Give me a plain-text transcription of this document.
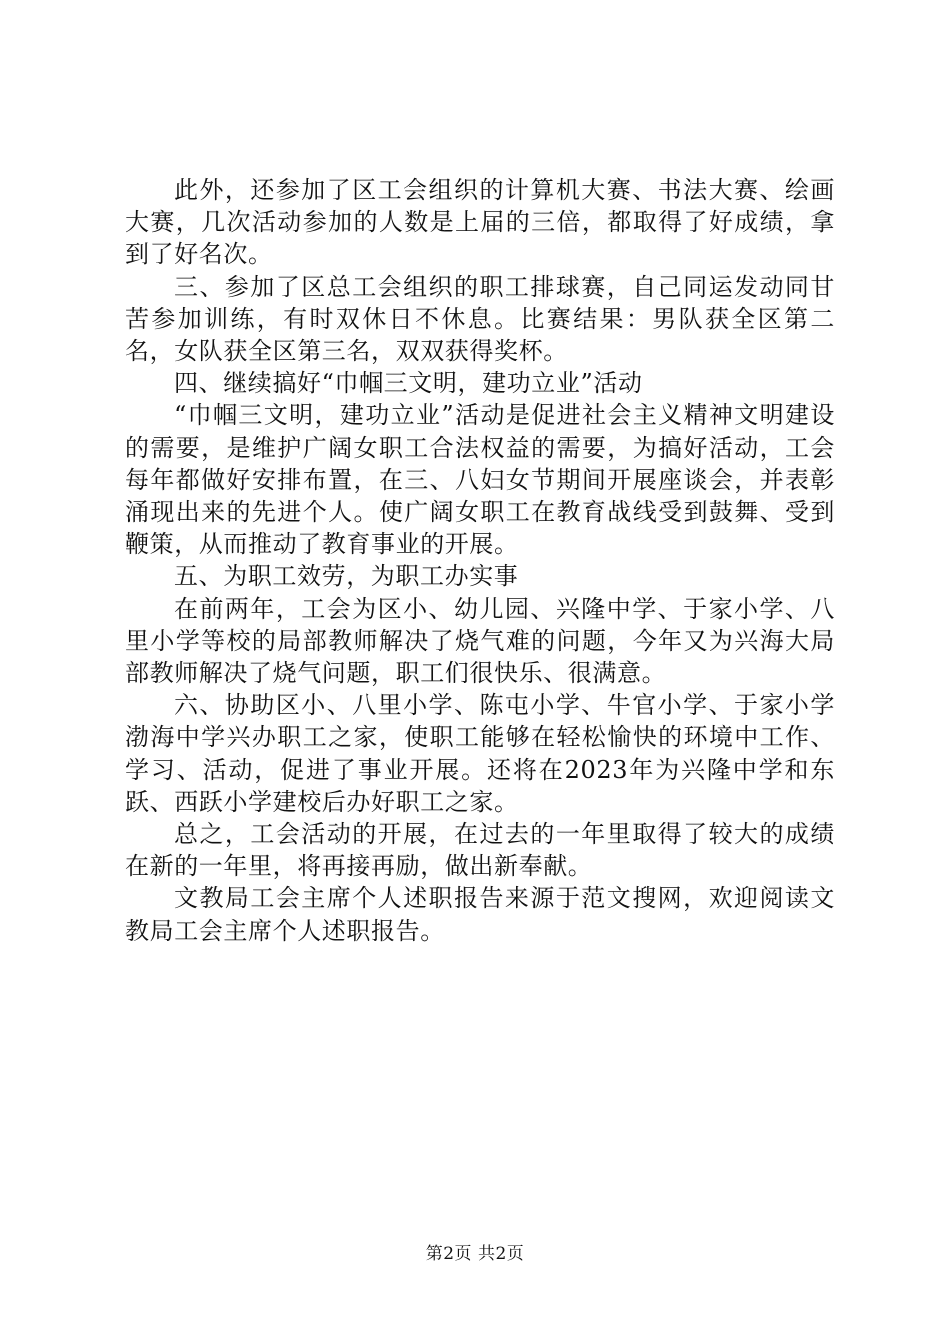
此外，还参加了区工会组织的计算机大赛、书法大赛、绘画大赛，几次活动参加的人数是上届的三倍，都取得了好成绩，拿到了好名次。

三、参加了区总工会组织的职工排球赛，自己同运发动同甘苦参加训练，有时双休日不休息。比赛结果：男队获全区第二名，女队获全区第三名，双双获得奖杯。

四、继续搞好“巾帼三文明，建功立业”活动

“巾帼三文明，建功立业”活动是促进社会主义精神文明建设的需要，是维护广阔女职工合法权益的需要，为搞好活动，工会每年都做好安排布置，在三、八妇女节期间开展座谈会，并表彰涌现出来的先进个人。使广阔女职工在教育战线受到鼓舞、受到鞭策，从而推动了教育事业的开展。

五、为职工效劳，为职工办实事

在前两年，工会为区小、幼儿园、兴隆中学、于家小学、八里小学等校的局部教师解决了烧气难的问题，今年又为兴海大局部教师解决了烧气问题，职工们很快乐、很满意。

六、协助区小、八里小学、陈屯小学、牛官小学、于家小学渤海中学兴办职工之家，使职工能够在轻松愉快的环境中工作、学习、活动，促进了事业开展。还将在2023年为兴隆中学和东跃、西跃小学建校后办好职工之家。

总之，工会活动的开展，在过去的一年里取得了较大的成绩在新的一年里，将再接再励，做出新奉献。

文教局工会主席个人述职报告来源于范文搜网，欢迎阅读文教局工会主席个人述职报告。

第2页 共2页
